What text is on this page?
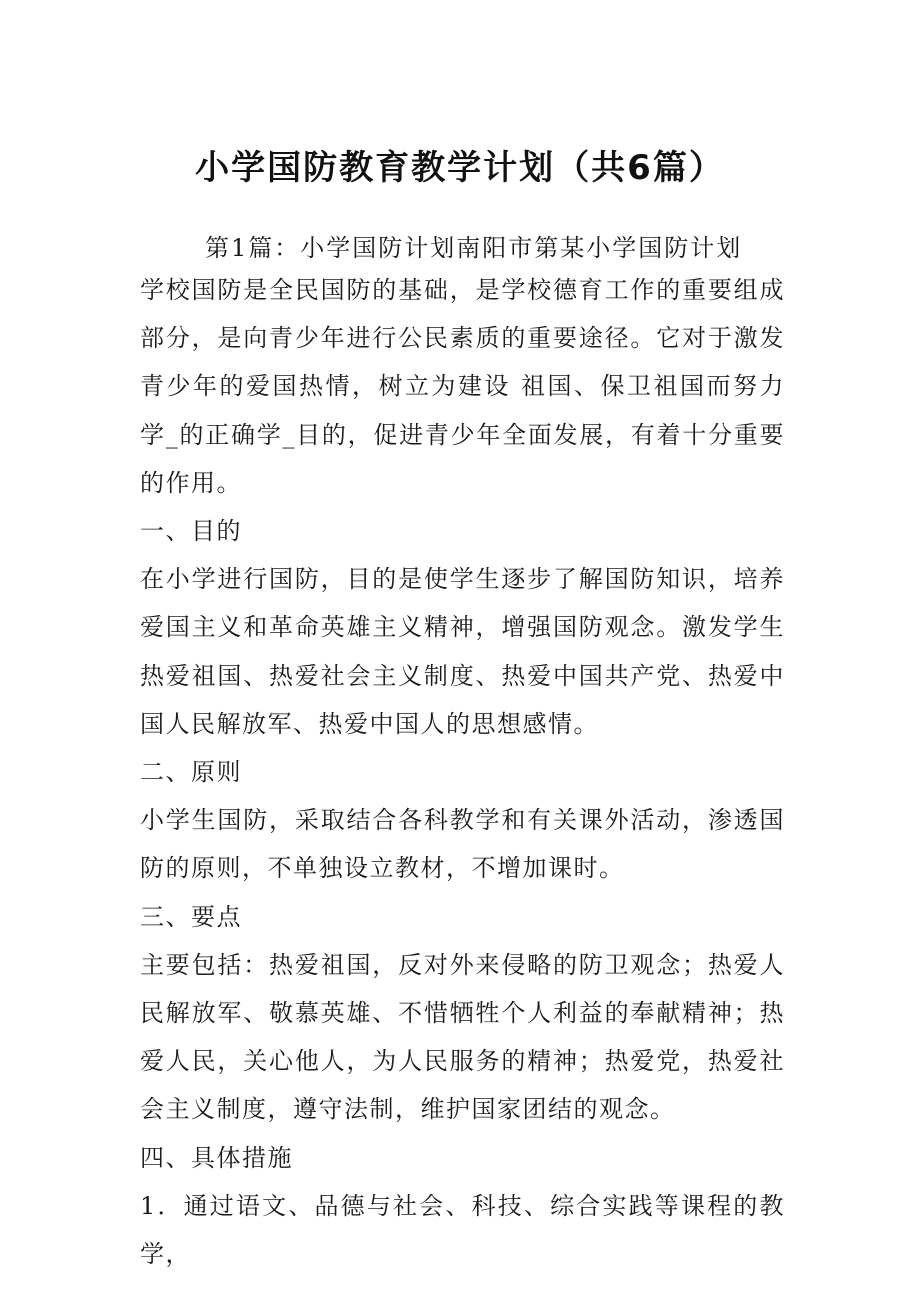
小学国防教育教学计划（共6篇）
第1篇：小学国防计划南阳市第某小学国防计划

学校国防是全民国防的基础，是学校德育工作的重要组成部分，是向青少年进行公民素质的重要途径。它对于激发青少年的爱国热情，树立为建设 祖国、保卫祖国而努力学_的正确学_目的，促进青少年全面发展，有着十分重要的作用。

一、目的

在小学进行国防，目的是使学生逐步了解国防知识，培养爱国主义和革命英雄主义精神，增强国防观念。激发学生热爱祖国、热爱社会主义制度、热爱中国共产党、热爱中国人民解放军、热爱中国人的思想感情。

二、原则

小学生国防，采取结合各科教学和有关课外活动，渗透国防的原则，不单独设立教材，不增加课时。

三、要点

主要包括：热爱祖国，反对外来侵略的防卫观念；热爱人民解放军、敬慕英雄、不惜牺牲个人利益的奉献精神；热爱人民，关心他人，为人民服务的精神；热爱党，热爱社会主义制度，遵守法制，维护国家团结的观念。

四、具体措施

1．通过语文、品德与社会、科技、综合实践等课程的教学，
